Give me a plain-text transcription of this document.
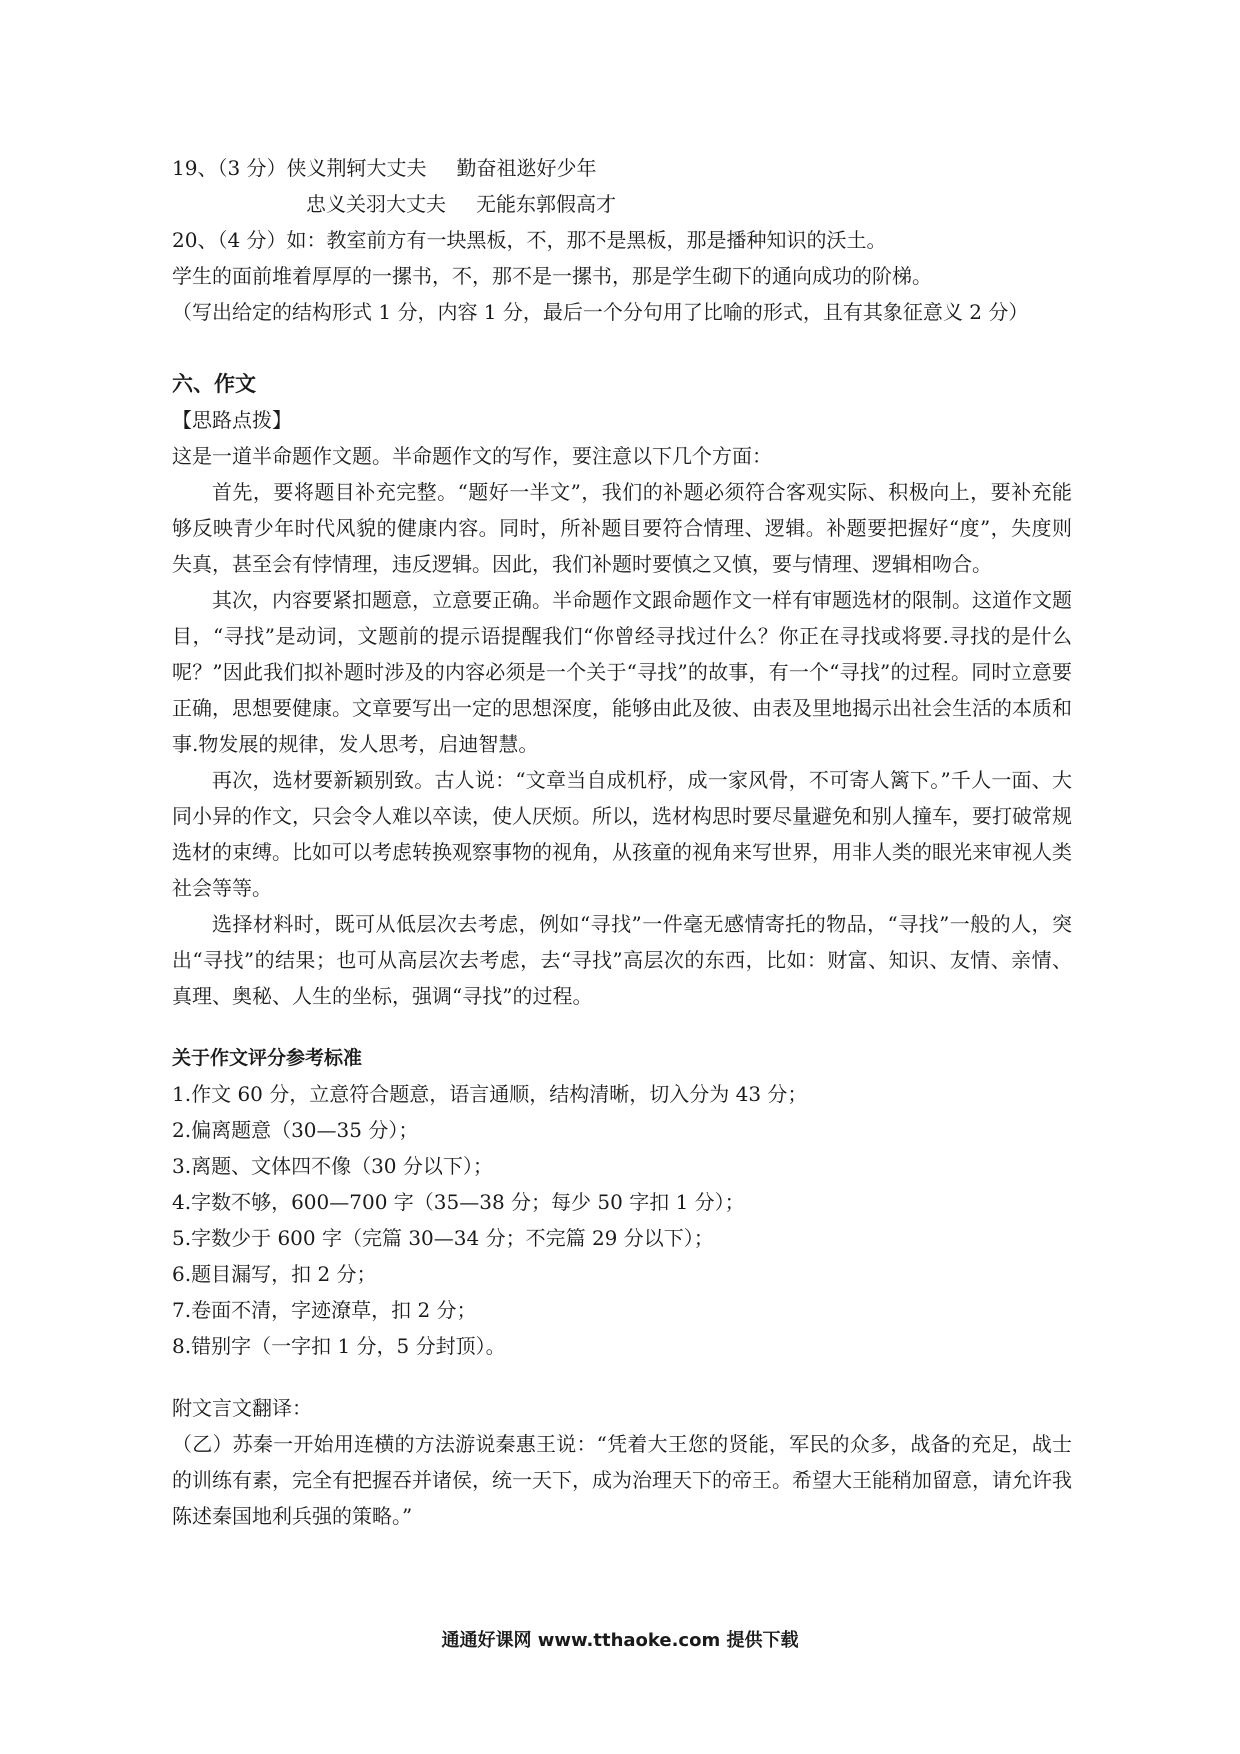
19、（3 分）侠义荆轲大丈夫 勤奋祖逖好少年
忠义关羽大丈夫 无能东郭假高才
20、（4 分）如：教室前方有一块黑板，不，那不是黑板，那是播种知识的沃土。
学生的面前堆着厚厚的一摞书，不，那不是一摞书，那是学生砌下的通向成功的阶梯。
（写出给定的结构形式 1 分，内容 1 分，最后一个分句用了比喻的形式，且有其象征意义 2 分）
六、作文
【思路点拨】
这是一道半命题作文题。半命题作文的写作，要注意以下几个方面：
首先，要将题目补充完整。“题好一半文”，我们的补题必须符合客观实际、积极向上，要补充能够反映青少年时代风貌的健康内容。同时，所补题目要符合情理、逻辑。补题要把握好“度”，失度则失真，甚至会有悖情理，违反逻辑。因此，我们补题时要慎之又慎，要与情理、逻辑相吻合。
其次，内容要紧扣题意，立意要正确。半命题作文跟命题作文一样有审题选材的限制。这道作文题目，“寻找”是动词，文题前的提示语提醒我们“你曾经寻找过什么？你正在寻找或将要.寻找的是什么呢？”因此我们拟补题时涉及的内容必须是一个关于“寻找”的故事，有一个“寻找”的过程。同时立意要正确，思想要健康。文章要写出一定的思想深度，能够由此及彼、由表及里地揭示出社会生活的本质和事.物发展的规律，发人思考，启迪智慧。
再次，选材要新颖别致。古人说：“文章当自成机杼，成一家风骨，不可寄人篱下。”千人一面、大同小异的作文，只会令人难以卒读，使人厌烦。所以，选材构思时要尽量避免和别人撞车，要打破常规选材的束缚。比如可以考虑转换观察事物的视角，从孩童的视角来写世界，用非人类的眼光来审视人类社会等等。
选择材料时，既可从低层次去考虑，例如“寻找”一件毫无感情寄托的物品，“寻找”一般的人，突出“寻找”的结果；也可从高层次去考虑，去“寻找”高层次的东西，比如：财富、知识、友情、亲情、真理、奥秘、人生的坐标，强调“寻找”的过程。
关于作文评分参考标准
1.作文 60 分，立意符合题意，语言通顺，结构清晰，切入分为 43 分；
2.偏离题意（30—35 分）；
3.离题、文体四不像（30 分以下）；
4.字数不够，600—700 字（35—38 分；每少 50 字扣 1 分）；
5.字数少于 600 字（完篇 30—34 分；不完篇 29 分以下）；
6.题目漏写，扣 2 分；
7.卷面不清，字迹潦草，扣 2 分；
8.错别字（一字扣 1 分，5 分封顶）。
附文言文翻译：
（乙）苏秦一开始用连横的方法游说秦惠王说：“凭着大王您的贤能，军民的众多，战备的充足，战士的训练有素，完全有把握吞并诸侯，统一天下，成为治理天下的帝王。希望大王能稍加留意，请允许我陈述秦国地利兵强的策略。”
通通好课网 www.tthaoke.com 提供下载
